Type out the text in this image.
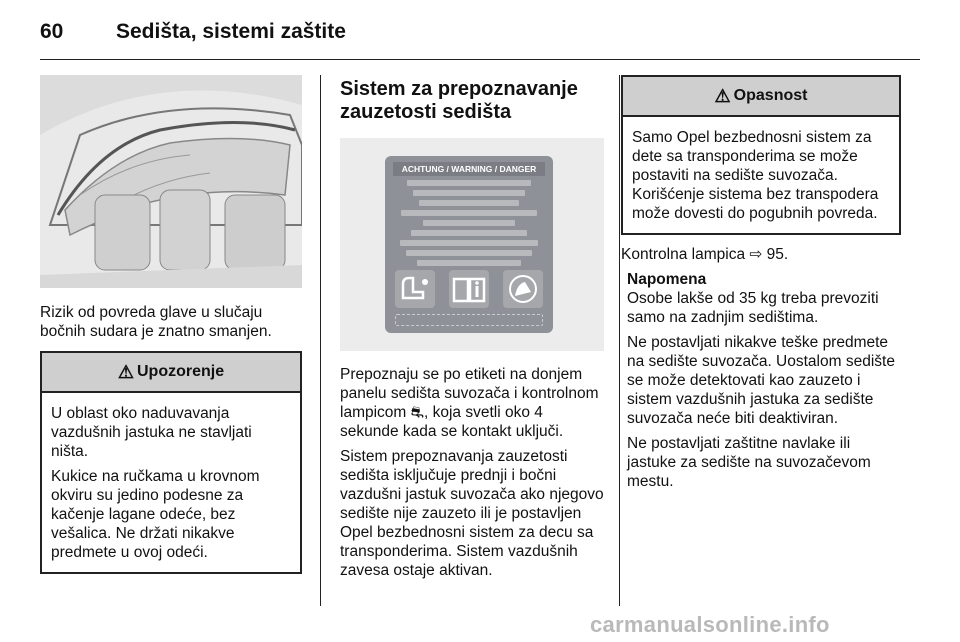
60	Sedišta, sistemi zaštite

Rizik od povreda glave u slučaju bočnih sudara je znatno smanjen.

⚠ Upozorenje

U oblast oko naduvavanja vazdušnih jastuka ne stavljati ništa.

Kukice na ručkama u krovnom okviru su jedino podesne za kačenje lagane odeće, bez vešalica. Ne držati nikakve predmete u ovoj odeći.

Sistem za prepoznavanje zauzetosti sedišta
ACHTUNG / WARNING / DANGER

Prepoznaju se po etiketi na donjem panelu sedišta suvozača i kontrolnom lampicom ⛐, koja svetli oko 4 sekunde kada se kontakt uključi.

Sistem prepoznavanja zauzetosti sedišta isključuje prednji i bočni vazdušni jastuk suvozača ako njegovo sedište nije zauzeto ili je postavljen Opel bezbednosni sistem za decu sa transponderima. Sistem vazdušnih zavesa ostaje aktivan.

⚠ Opasnost

Samo Opel bezbednosni sistem za dete sa transponderima se može postaviti na sedište suvozača. Korišćenje sistema bez transpodera može dovesti do pogubnih povreda.

Kontrolna lampica ⇨ 95.

Napomena

Osobe lakše od 35 kg treba prevoziti samo na zadnjim sedištima.

Ne postavljati nikakve teške predmete na sedište suvozača. Uostalom sedište se može detektovati kao zauzeto i sistem vazdušnih jastuka za sedište suvozača neće biti deaktiviran.

Ne postavljati zaštitne navlake ili jastuke za sedište na suvozačevom mestu.

carmanualsonline.info
